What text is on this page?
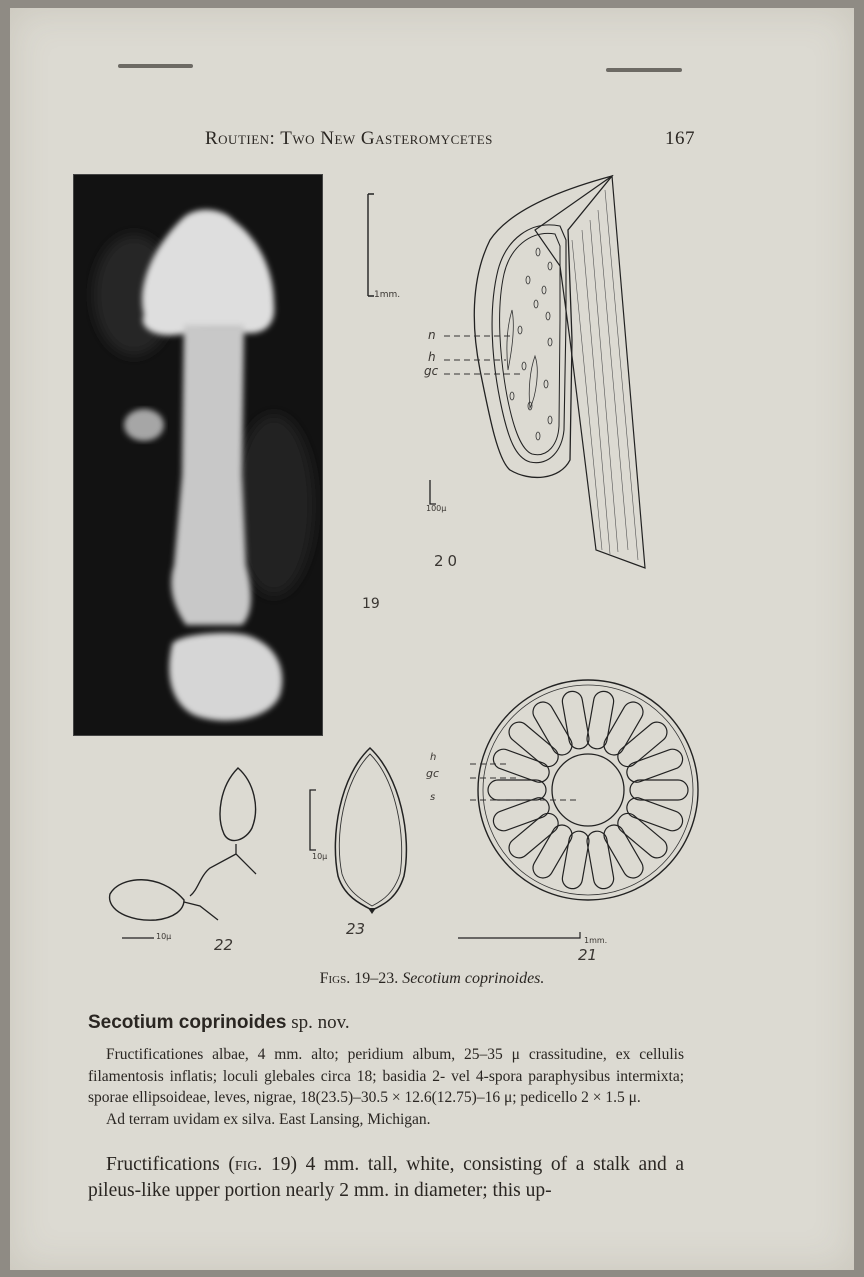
Routien: Two New Gasteromycetes	167
1mm.
n
h
gc
100μ
20
19
h
gc
s
1mm.
21
10μ	22
10μ
23
Figs. 19–23. Secotium coprinoides.
Secotium coprinoides sp. nov.

Fructificationes albae, 4 mm. alto; peridium album, 25–35 μ crassitudine, ex cellulis filamentosis inflatis; loculi glebales circa 18; basidia 2- vel 4-spora paraphysibus intermixta; sporae ellipsoideae, leves, nigrae, 18(23.5)–30.5 × 12.6(12.75)–16 μ; pedicello 2 × 1.5 μ.

Ad terram uvidam ex silva. East Lansing, Michigan.

Fructifications (fig. 19) 4 mm. tall, white, consisting of a stalk and a pileus-like upper portion nearly 2 mm. in diameter; this up-
